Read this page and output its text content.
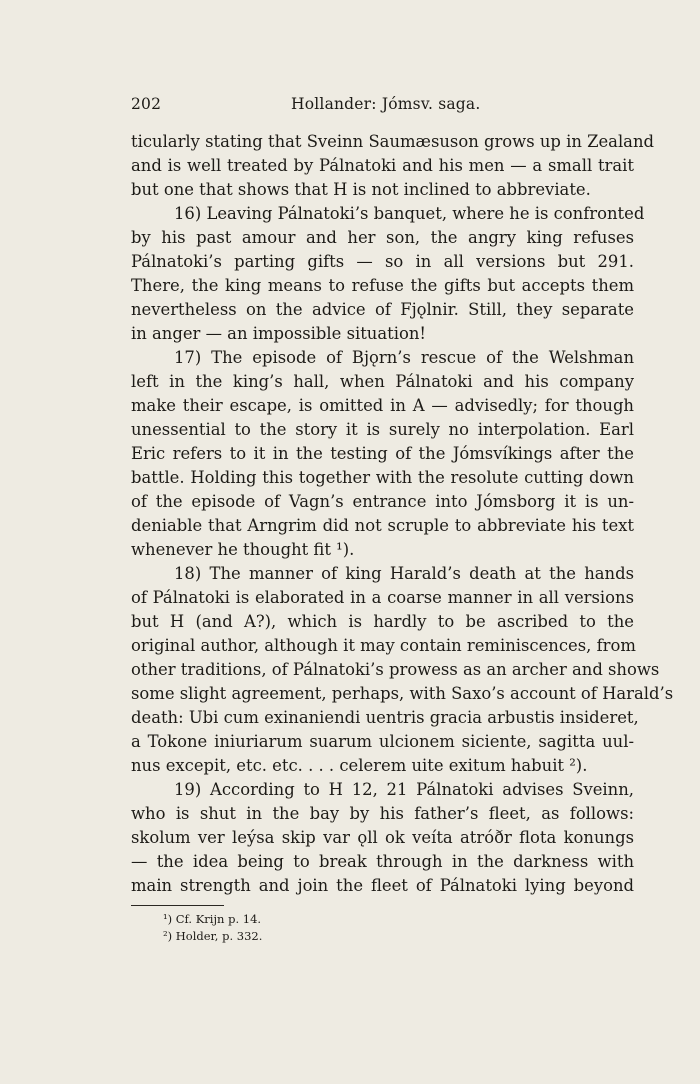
202	Hollander: Jómsv. saga.
ticularly stating that Sveinn Saumæsuson grows up in Zealand
and is well treated by Pálnatoki and his men — a small trait
but one that shows that H is not inclined to abbreviate.
16) Leaving Pálnatoki’s banquet, where he is confronted
by his past amour and her son, the angry king refuses
Pálnatoki’s parting gifts — so in all versions but 291.
There, the king means to refuse the gifts but accepts them
nevertheless on the advice of Fjǫlnir. Still, they separate
in anger — an impossible situation!
17) The episode of Bjǫrn’s rescue of the Welshman
left in the king’s hall, when Pálnatoki and his company
make their escape, is omitted in A — advisedly; for though
unessential to the story it is surely no interpolation. Earl
Eric refers to it in the testing of the Jómsvíkings after the
battle. Holding this together with the resolute cutting down
of the episode of Vagn’s entrance into Jómsborg it is un-
deniable that Arngrim did not scruple to abbreviate his text
whenever he thought fit ¹).
18) The manner of king Harald’s death at the hands
of Pálnatoki is elaborated in a coarse manner in all versions
but H (and A?), which is hardly to be ascribed to the
original author, although it may contain reminiscences, from
other traditions, of Pálnatoki’s prowess as an archer and shows
some slight agreement, perhaps, with Saxo’s account of Harald’s
death: Ubi cum exinaniendi uentris gracia arbustis insideret,
a Tokone iniuriarum suarum ulcionem siciente, sagitta uul-
nus excepit, etc. etc. . . . celerem uite exitum habuit ²).
19) According to H 12, 21 Pálnatoki advises Sveinn,
who is shut in the bay by his father’s fleet, as follows:
skolum ver leýsa skip var ǫll ok veíta atróðr flota konungs
— the idea being to break through in the darkness with
main strength and join the fleet of Pálnatoki lying beyond
¹) Cf. Krijn p. 14.
²) Holder, p. 332.
